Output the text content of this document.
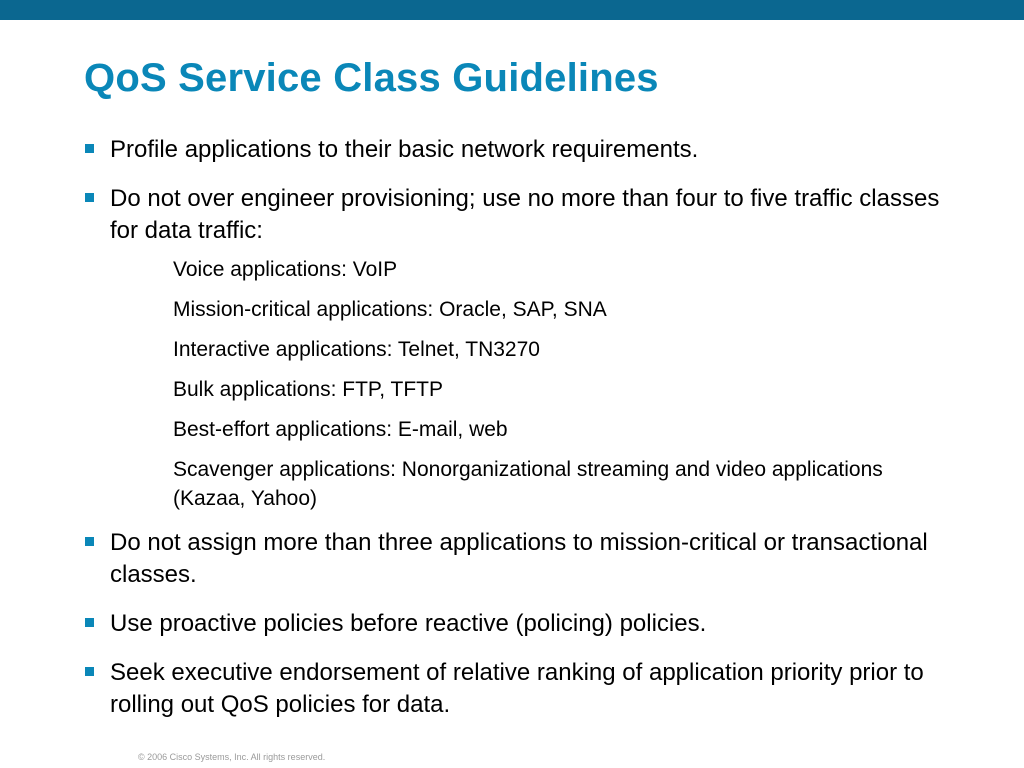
QoS Service Class Guidelines
Profile applications to their basic network requirements.
Do not over engineer provisioning; use no more than four to five traffic classes for data traffic:
Voice applications: VoIP
Mission-critical applications: Oracle, SAP, SNA
Interactive applications: Telnet, TN3270
Bulk applications: FTP, TFTP
Best-effort applications: E-mail, web
Scavenger applications: Nonorganizational streaming and video applications (Kazaa, Yahoo)
Do not assign more than three applications to mission-critical or transactional classes.
Use proactive policies before reactive (policing) policies.
Seek executive endorsement of relative ranking of application priority prior to rolling out QoS policies for data.
© 2006 Cisco Systems, Inc. All rights reserved.
